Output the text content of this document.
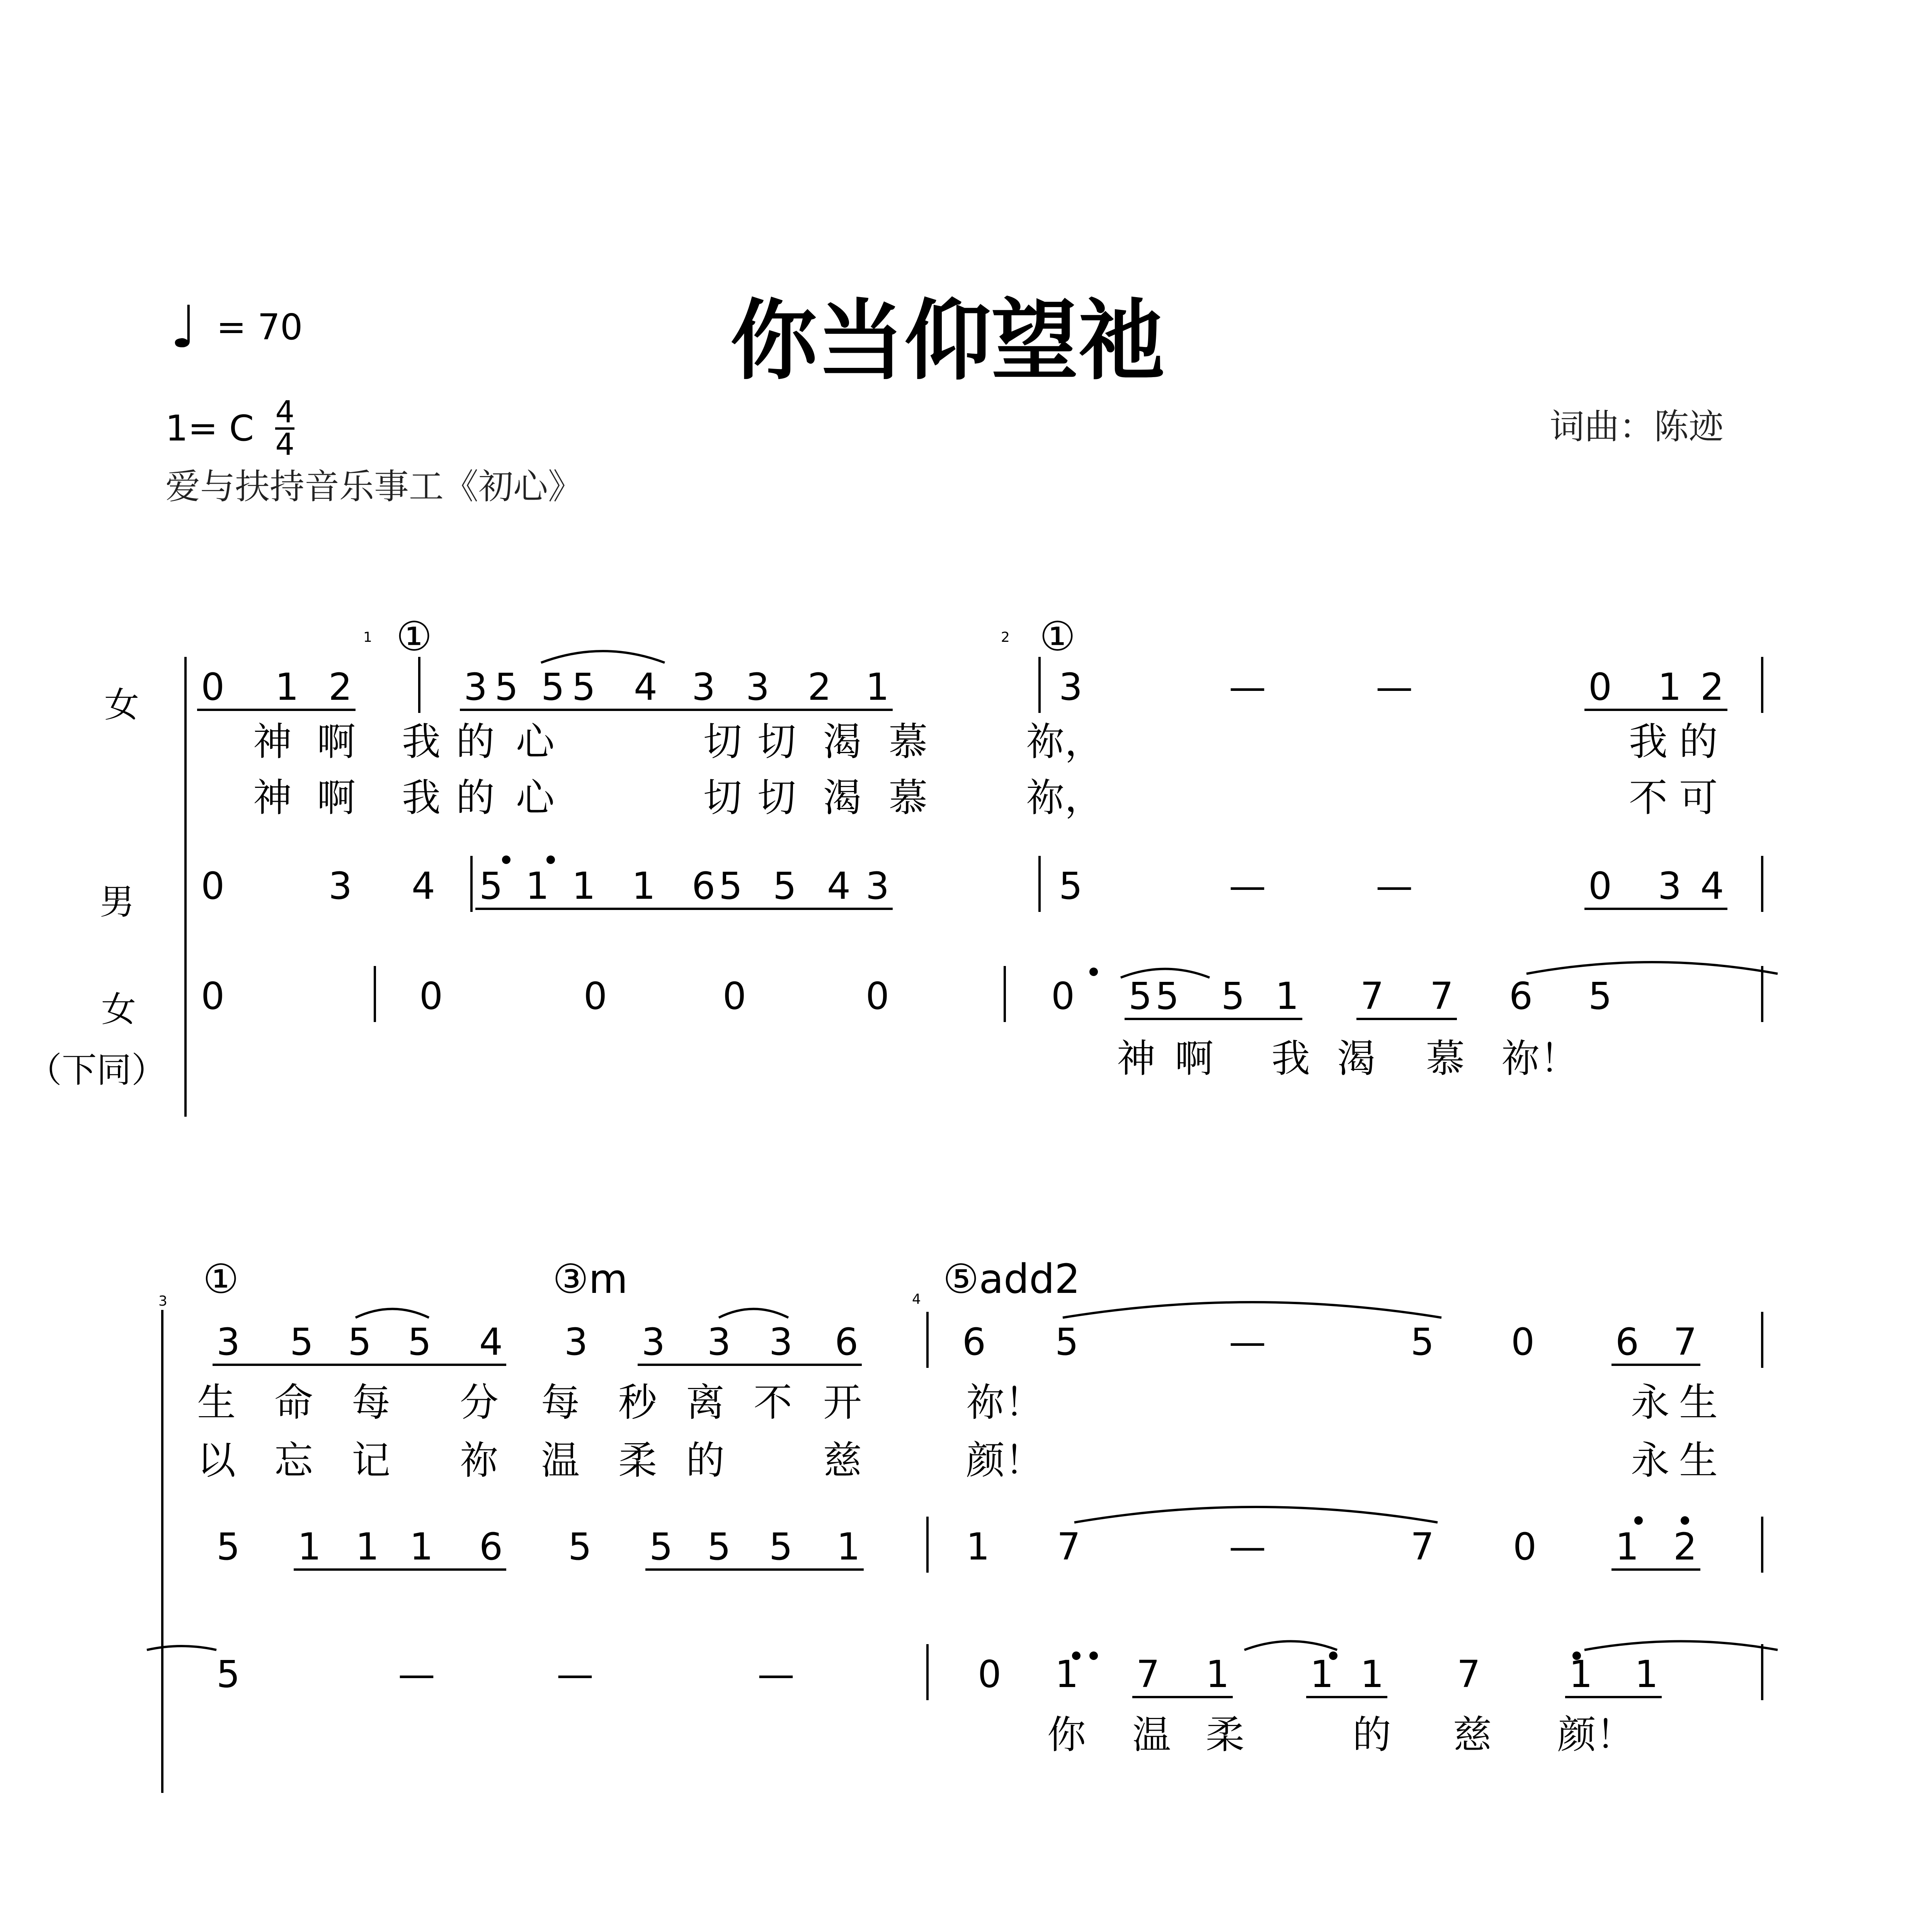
♩ = 70	你当仰望祂
1= C 4
4
爱与扶持音乐事工《初心》
词曲：陈迹
女
男
女
（下同）
1 ①	2 ①
3 ①	③m	4 ⑤add2
0 1 2	3 5 5 5 4 3 3 2 1	3	—	—	0 1 2
神 啊 我 的 心	切 切 渴 慕	祢，	我 的
神 啊 我 的 心	切 切 渴 慕	祢，	不 可
0	3 4 5 1 1 1 6 5 5 4 3	5	—	—	0 3 4
0	0	0	0	0	0 5 5 5 1 7 7 6 5
神 啊 我 渴 慕 祢！
3 5 5 5 4 3 3 3 3 6	6 5	—	5 0 6 7
生 命 每 分 每 秒 离 不 开	祢！	永 生
以 忘 记 祢 温 柔 的	慈	颜！	永 生
5 1 1 1 6 5 5 5 5 1	1 7	—	7 0 1 2
5	—	—	—	0 1 7 1 1 1 7 1 1
你 温 柔	的 慈 颜！
